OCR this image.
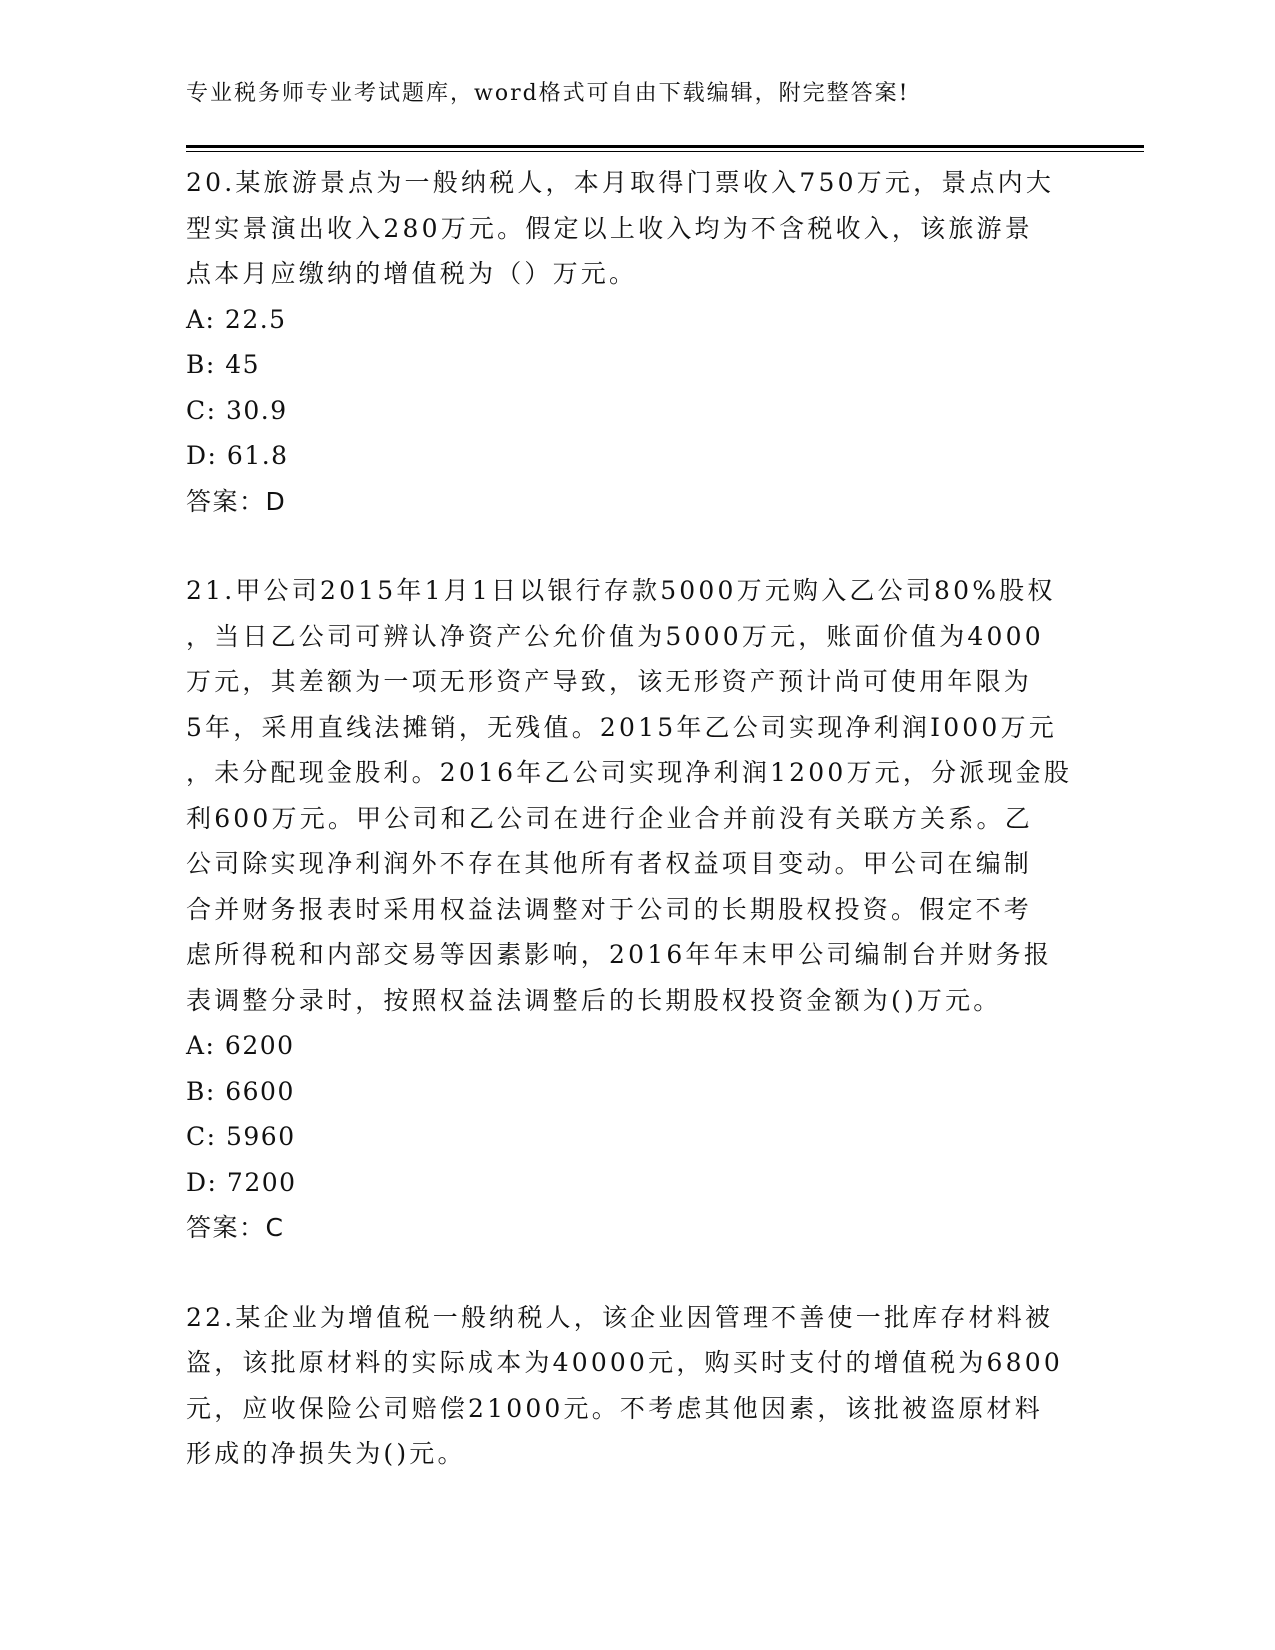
专业税务师专业考试题库，word格式可自由下载编辑，附完整答案!
20.某旅游景点为一般纳税人，本月取得门票收入750万元，景点内大
型实景演出收入280万元。假定以上收入均为不含税收入，该旅游景
点本月应缴纳的增值税为（）万元。
A: 22.5
B: 45
C: 30.9
D: 61.8
答案：D
21.甲公司2015年1月1日以银行存款5000万元购入乙公司80%股权
，当日乙公司可辨认净资产公允价值为5000万元，账面价值为4000
万元，其差额为一项无形资产导致，该无形资产预计尚可使用年限为
5年，采用直线法摊销，无残值。2015年乙公司实现净利润I000万元
，未分配现金股利。2016年乙公司实现净利润1200万元，分派现金股
利600万元。甲公司和乙公司在进行企业合并前没有关联方关系。乙
公司除实现净利润外不存在其他所有者权益项目变动。甲公司在编制
合并财务报表时采用权益法调整对于公司的长期股权投资。假定不考
虑所得税和内部交易等因素影响，2016年年末甲公司编制台并财务报
表调整分录时，按照权益法调整后的长期股权投资金额为()万元。
A: 6200
B: 6600
C: 5960
D: 7200
答案：C
22.某企业为增值税一般纳税人，该企业因管理不善使一批库存材料被
盗，该批原材料的实际成本为40000元，购买时支付的增值税为6800
元，应收保险公司赔偿21000元。不考虑其他因素，该批被盗原材料
形成的净损失为()元。
